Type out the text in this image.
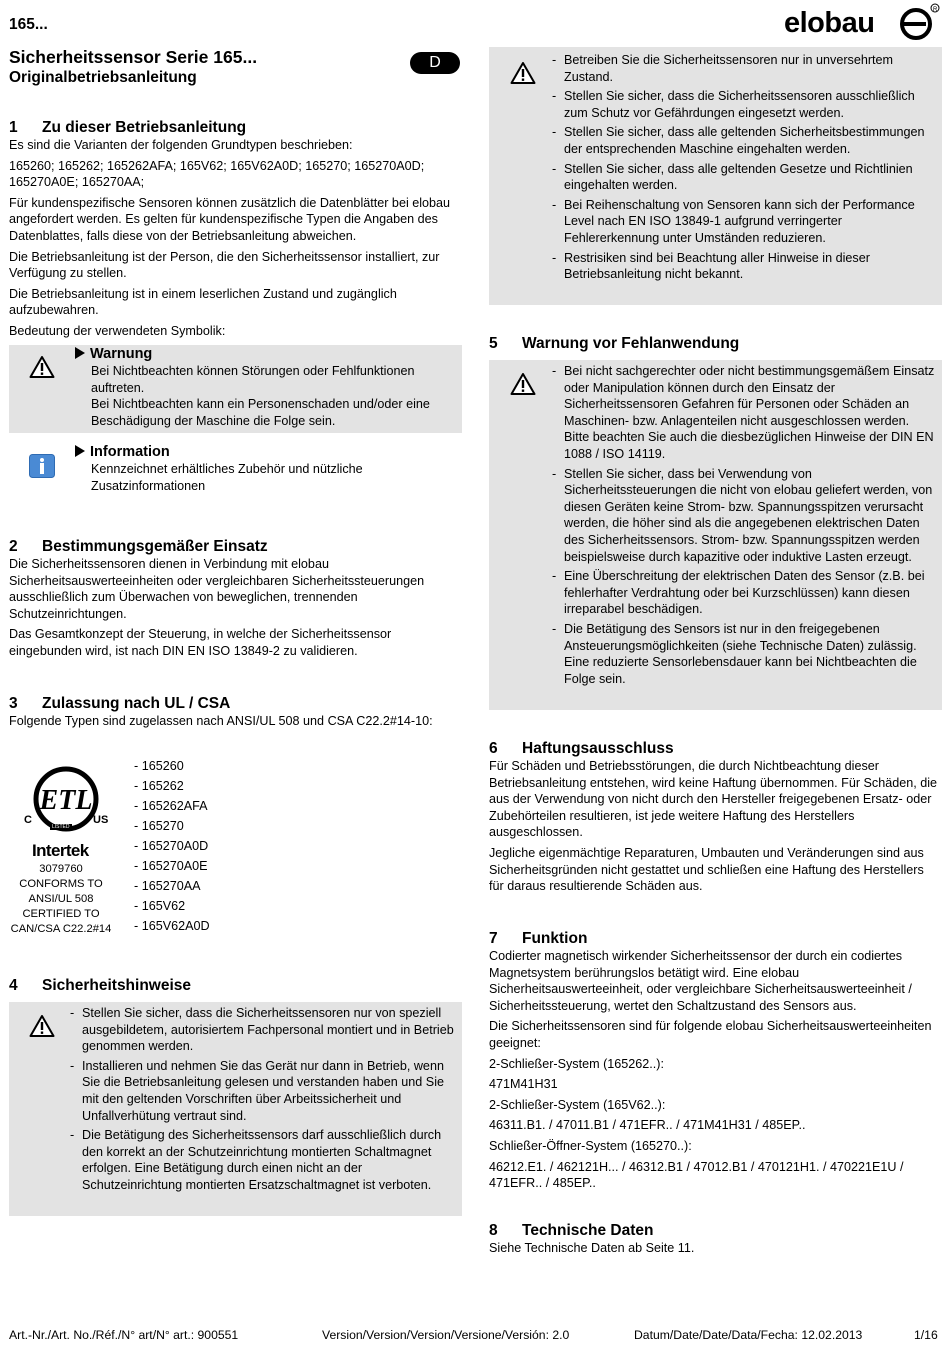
165...	elobau	R
Sicherheitssensor Serie 165...
Originalbetriebsanleitung
D
1 Zu dieser Betriebsanleitung

Es sind die Varianten der folgenden Grundtypen beschrieben:

165260; 165262; 165262AFA; 165V62; 165V62A0D; 165270; 165270A0D; 165270A0E; 165270AA;

Für kundenspezifische Sensoren können zusätzlich die Datenblätter bei elobau angefordert werden. Es gelten für kundenspezifische Typen die Angaben des Datenblattes, falls diese von der Betriebsanleitung abweichen.

Die Betriebsanleitung ist der Person, die den Sicherheitssensor installiert, zur Verfügung zu stellen.

Die Betriebsanleitung ist in einem leserlichen Zustand und zugänglich aufzubewahren.

Bedeutung der verwendeten Symbolik:

Warnung
Bei Nichtbeachten können Störungen oder Fehlfunktionen auftreten.
Bei Nichtbeachten kann ein Personenschaden und/oder eine Beschädigung der Maschine die Folge sein.
Information
Kennzeichnet erhältliches Zubehör und nützliche Zusatzinformationen
2 Bestimmungsgemäßer Einsatz

Die Sicherheitssensoren dienen in Verbindung mit elobau Sicherheitsauswerteeinheiten oder vergleichbaren Sicherheitssteuerungen ausschließlich zum Überwachen von beweglichen, trennenden Schutzeinrichtungen.

Das Gesamtkonzept der Steuerung, in welche der Sicherheitssensor eingebunden wird, ist nach DIN EN ISO 13849-2 zu validieren.

3 Zulassung nach UL / CSA

Folgende Typen sind zugelassen nach ANSI/UL 508 und CSA C22.2#14-10:

- 165260
- 165262
- 165262AFA
- 165270
- 165270A0D
- 165270A0E
- 165270AA
- 165V62
- 165V62A0D
ETL
C	US
LISTED
Intertek
3079760
CONFORMS TO
ANSI/UL 508
CERTIFIED TO
CAN/CSA C22.2#14
4 Sicherheitshinweise
- Stellen Sie sicher, dass die Sicherheitssensoren nur von speziell ausgebildetem, autorisiertem Fachpersonal montiert und in Betrieb genommen werden.
- Installieren und nehmen Sie das Gerät nur dann in Betrieb, wenn Sie die Betriebsanleitung gelesen und verstanden haben und Sie mit den geltenden Vorschriften über Arbeitssicherheit und Unfallverhütung vertraut sind.
- Die Betätigung des Sicherheitssensors darf ausschließlich durch den korrekt an der Schutzeinrichtung montierten Schaltmagnet erfolgen. Eine Betätigung durch einen nicht an der Schutzeinrichtung montierten Ersatzschaltmagnet ist verboten.
- Betreiben Sie die Sicherheitssensoren nur in unversehrtem Zustand.
- Stellen Sie sicher, dass die Sicherheitssensoren ausschließlich zum Schutz vor Gefährdungen eingesetzt werden.
- Stellen Sie sicher, dass alle geltenden Sicherheitsbestimmungen der entsprechenden Maschine eingehalten werden.
- Stellen Sie sicher, dass alle geltenden Gesetze und Richtlinien eingehalten werden.
- Bei Reihenschaltung von Sensoren kann sich der Performance Level nach EN ISO 13849-1 aufgrund verringerter Fehlererkennung unter Umständen reduzieren.
- Restrisiken sind bei Beachtung aller Hinweise in dieser Betriebsanleitung nicht bekannt.
5 Warnung vor Fehlanwendung
- Bei nicht sachgerechter oder nicht bestimmungsgemäßem Einsatz oder Manipulation können durch den Einsatz der Sicherheitssensoren Gefahren für Personen oder Schäden an Maschinen- bzw. Anlagenteilen nicht ausgeschlossen werden. Bitte beachten Sie auch die diesbezüglichen Hinweise der DIN EN 1088 / ISO 14119.
- Stellen Sie sicher, dass bei Verwendung von Sicherheitssteuerungen die nicht von elobau geliefert werden, von diesen Geräten keine Strom- bzw. Spannungsspitzen verursacht werden, die höher sind als die angegebenen elektrischen Daten des Sicherheitssensors. Strom- bzw. Spannungsspitzen werden beispielsweise durch kapazitive oder induktive Lasten erzeugt.
- Eine Überschreitung der elektrischen Daten des Sensor (z.B. bei fehlerhafter Verdrahtung oder bei Kurzschlüssen) kann diesen irreparabel beschädigen.
- Die Betätigung des Sensors ist nur in den freigegebenen Ansteuerungsmöglichkeiten (siehe Technische Daten) zulässig. Eine reduzierte Sensorlebensdauer kann bei Nichtbeachten die Folge sein.
6 Haftungsausschluss

Für Schäden und Betriebsstörungen, die durch Nichtbeachtung dieser Betriebsanleitung entstehen, wird keine Haftung übernommen. Für Schäden, die aus der Verwendung von nicht durch den Hersteller freigegebenen Ersatz- oder Zubehörteilen resultieren, ist jede weitere Haftung des Herstellers ausgeschlossen.

Jegliche eigenmächtige Reparaturen, Umbauten und Veränderungen sind aus Sicherheitsgründen nicht gestattet und schließen eine Haftung des Herstellers für daraus resultierende Schäden aus.

7 Funktion

Codierter magnetisch wirkender Sicherheitssensor der durch ein codiertes Magnetsystem berührungslos betätigt wird. Eine elobau Sicherheitsauswerteeinheit, oder vergleichbare Sicherheitsauswerteeinheit / Sicherheitssteuerung, wertet den Schaltzustand des Sensors aus.

Die Sicherheitssensoren sind für folgende elobau Sicherheitsauswerteeinheiten geeignet:

2-Schließer-System (165262..):

471M41H31

2-Schließer-System (165V62..):

46311.B1. / 47011.B1 / 471EFR.. / 471M41H31 / 485EP..

Schließer-Öffner-System (165270..):

46212.E1. / 462121H... / 46312.B1 / 47012.B1 / 470121H1. / 470221E1U / 471EFR.. / 485EP..

8 Technische Daten

Siehe Technische Daten ab Seite 11.

Art.-Nr./Art. No./Réf./N° art/N° art.: 900551	Version/Version/Version/Versione/Versión: 2.0	Datum/Date/Date/Data/Fecha: 12.02.2013	1/16
